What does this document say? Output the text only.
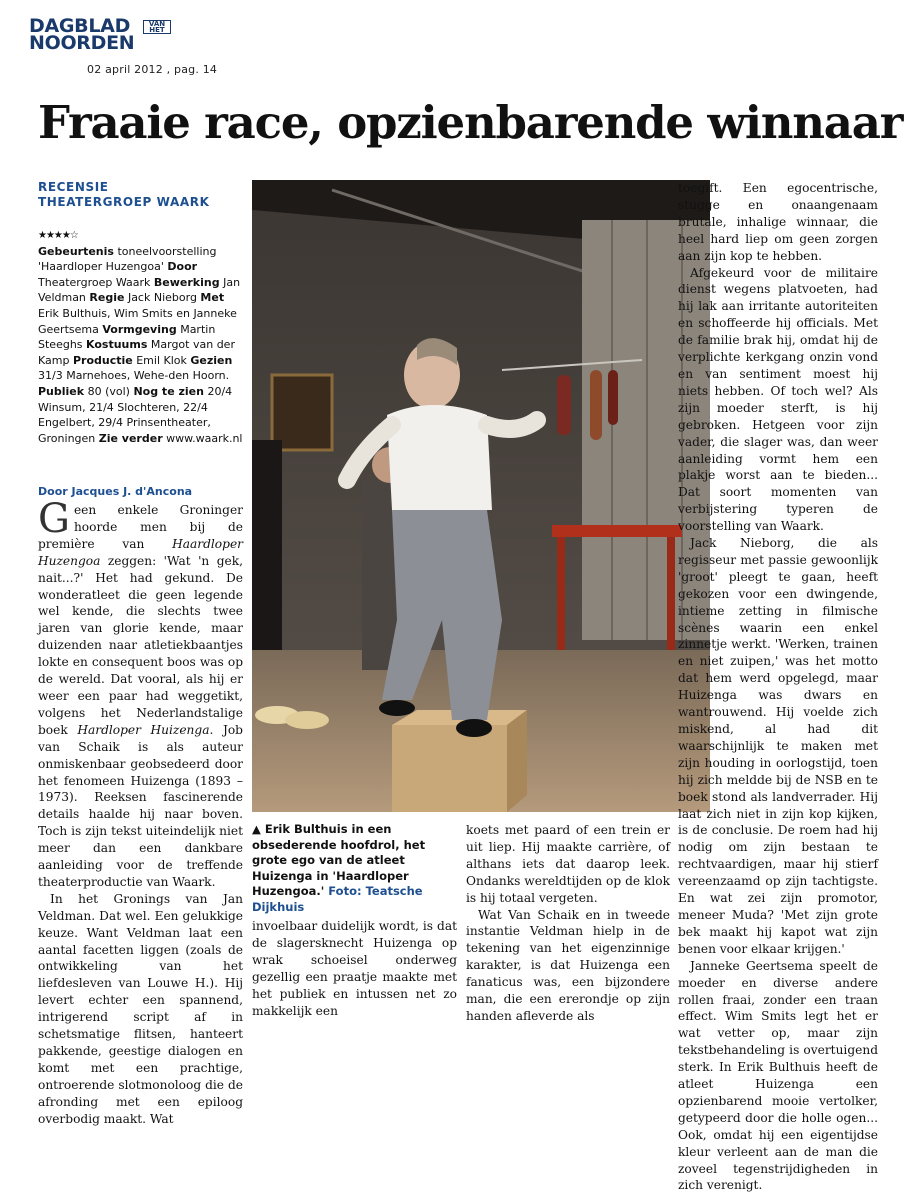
DAGBLAD
NOORDEN
VAN
HET
02 april 2012 , pag. 14
Fraaie race, opzienbarende winnaar
RECENSIE
THEATERGROEP WAARK
★★★★☆
Gebeurtenis toneelvoorstelling 'Haardloper Huzengoa' Door Theatergroep Waark Bewerking Jan Veldman Regie Jack Nieborg Met Erik Bulthuis, Wim Smits en Janneke Geertsema Vormgeving Martin Steeghs Kostuums Margot van der Kamp Productie Emil Klok Gezien 31/3 Marnehoes, Wehe-den Hoorn. Publiek 80 (vol) Nog te zien 20/4 Winsum, 21/4 Slochteren, 22/4 Engelbert, 29/4 Prinsentheater, Groningen Zie verder www.waark.nl
Door Jacques J. d'Ancona

Geen enkele Groninger hoorde men bij de première van Haardloper Huzengoa zeggen: 'Wat 'n gek, nait...?' Het had gekund. De wonderatleet die geen legende wel kende, die slechts twee jaren van glorie kende, maar duizenden naar atletiekbaantjes lokte en consequent boos was op de wereld. Dat vooral, als hij er weer een paar had weggetikt, volgens het Nederlandstalige boek Hardloper Huizenga. Job van Schaik is als auteur onmiskenbaar geobsedeerd door het fenomeen Huizenga (1893 – 1973). Reeksen fascinerende details haalde hij naar boven. Toch is zijn tekst uiteindelijk niet meer dan een dankbare aanleiding voor de treffende theaterproductie van Waark.

In het Gronings van Jan Veldman. Dat wel. Een gelukkige keuze. Want Veldman laat een aantal facetten liggen (zoals de ontwikkeling van het liefdesleven van Louwe H.). Hij levert echter een spannend, intrigerend script af in schetsmatige flitsen, hanteert pakkende, geestige dialogen en komt met een prachtige, ontroerende slotmonoloog die de afronding met een epiloog overbodig maakt. Wat

▲ Erik Bulthuis in een obsederende hoofdrol, het grote ego van de atleet Huizenga in 'Haardloper Huzengoa.' Foto: Teatsche Dijkhuis

invoelbaar duidelijk wordt, is dat de slagersknecht Huizenga op wrak schoeisel onderweg gezellig een praatje maakte met het publiek en intussen net zo makkelijk een

koets met paard of een trein er uit liep. Hij maakte carrière, of althans iets dat daarop leek. Ondanks wereldtijden op de klok is hij totaal vergeten.

Wat Van Schaik en in tweede instantie Veldman hielp in de tekening van het eigenzinnige karakter, is dat Huizenga een fanaticus was, een bijzondere man, die een ererondje op zijn handen afleverde als

toegift. Een egocentrische, stugge en onaangenaam brutale, inhalige winnaar, die heel hard liep om geen zorgen aan zijn kop te hebben.

Afgekeurd voor de militaire dienst wegens platvoeten, had hij lak aan irritante autoriteiten en schoffeerde hij officials. Met de familie brak hij, omdat hij de verplichte kerkgang onzin vond en van sentiment moest hij niets hebben. Of toch wel? Als zijn moeder sterft, is hij gebroken. Hetgeen voor zijn vader, die slager was, dan weer aanleiding vormt hem een plakje worst aan te bieden... Dat soort momenten van verbijstering typeren de voorstelling van Waark.

Jack Nieborg, die als regisseur met passie gewoonlijk 'groot' pleegt te gaan, heeft gekozen voor een dwingende, intieme zetting in filmische scènes waarin een enkel zinnetje werkt. 'Werken, trainen en niet zuipen,' was het motto dat hem werd opgelegd, maar Huizenga was dwars en wantrouwend. Hij voelde zich miskend, al had dit waarschijnlijk te maken met zijn houding in oorlogstijd, toen hij zich meldde bij de NSB en te boek stond als landverrader. Hij laat zich niet in zijn kop kijken, is de conclusie. De roem had hij nodig om zijn bestaan te rechtvaardigen, maar hij stierf vereenzaamd op zijn tachtigste. En wat zei zijn promotor, meneer Muda? 'Met zijn grote bek maakt hij kapot wat zijn benen voor elkaar krijgen.'

Janneke Geertsema speelt de moeder en diverse andere rollen fraai, zonder een traan effect. Wim Smits legt het er wat vetter op, maar zijn tekstbehandeling is overtuigend sterk. In Erik Bulthuis heeft de atleet Huizenga een opzienbarend mooie vertolker, getypeerd door die holle ogen... Ook, omdat hij een eigentijdse kleur verleent aan de man die zoveel tegenstrijdigheden in zich verenigt.
